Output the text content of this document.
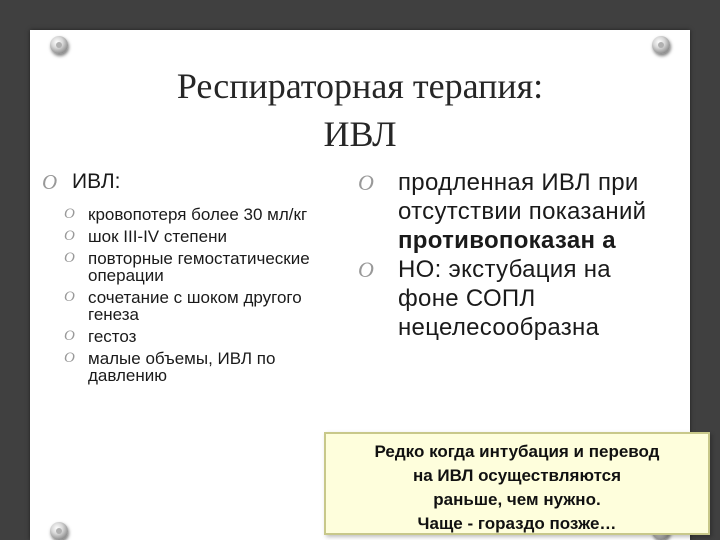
Респираторная терапия:
ИВЛ
O ИВЛ:
O кровопотеря более 30 мл/кг
O шок III-IV степени
O повторные гемостатические операции
O сочетание с шоком другого генеза
O гестоз
O малые объемы, ИВЛ по давлению
O продленная ИВЛ при отсутствии показаний противопоказан а
O НО: экстубация на фоне СОПЛ нецелесообразна
Редко когда интубация и перевод
на ИВЛ осуществляются
раньше, чем нужно.
Чаще - гораздо позже…
